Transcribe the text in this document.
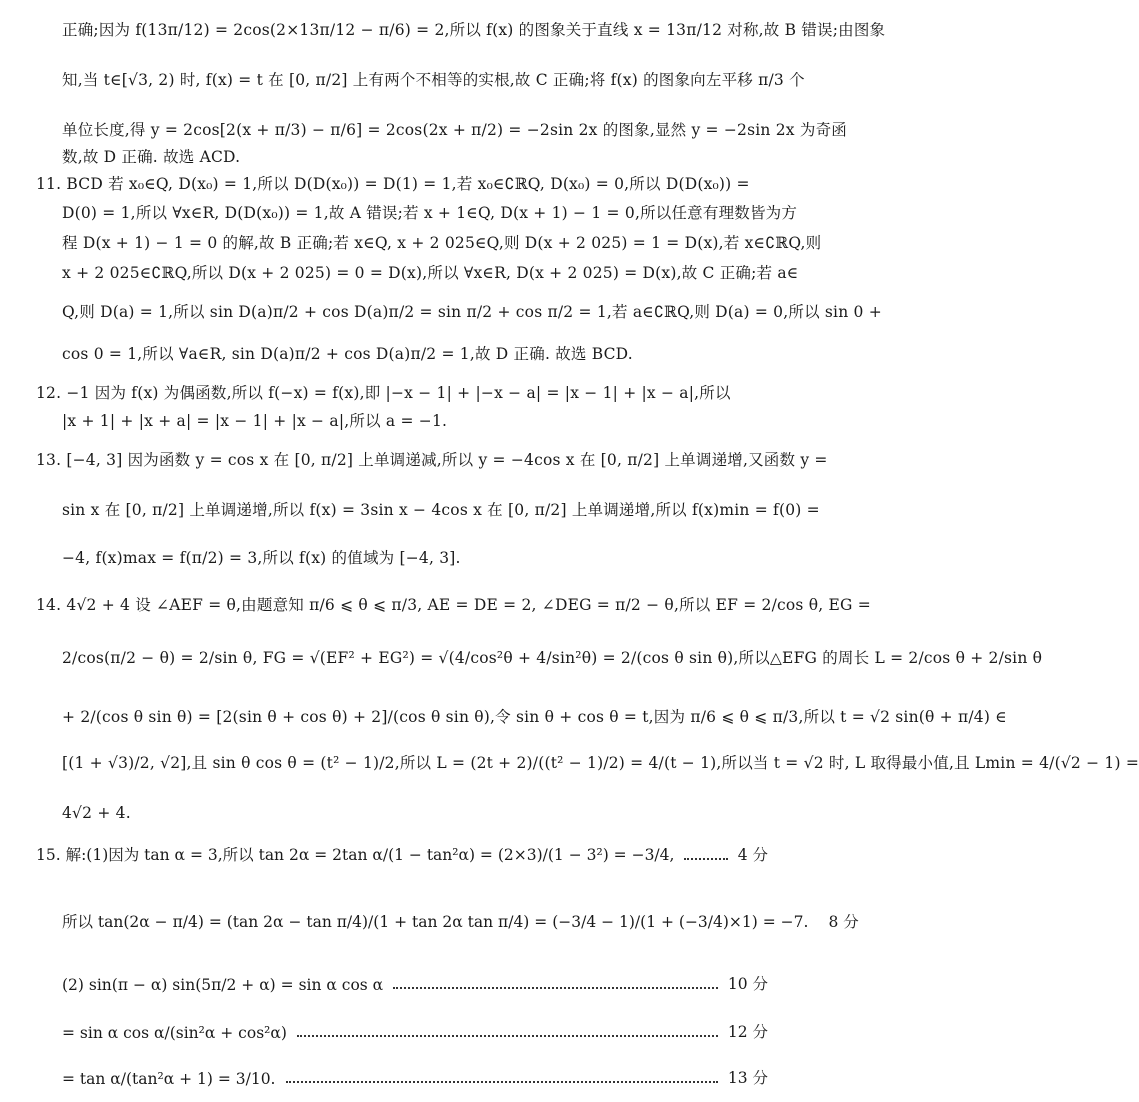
正确;因为 f(13π/12) = 2cos(2×13π/12 − π/6) = 2,所以 f(x) 的图象关于直线 x = 13π/12 对称,故 B 错误;由图象
知,当 t∈[√3, 2) 时, f(x) = t 在 [0, π/2] 上有两个不相等的实根,故 C 正确;将 f(x) 的图象向左平移 π/3 个
单位长度,得 y = 2cos[2(x + π/3) − π/6] = 2cos(2x + π/2) = −2sin 2x 的图象,显然 y = −2sin 2x 为奇函
数,故 D 正确. 故选 ACD.
11. BCD 若 x₀∈Q, D(x₀) = 1,所以 D(D(x₀)) = D(1) = 1,若 x₀∈∁ℝQ, D(x₀) = 0,所以 D(D(x₀)) =
D(0) = 1,所以 ∀x∈R, D(D(x₀)) = 1,故 A 错误;若 x + 1∈Q, D(x + 1) − 1 = 0,所以任意有理数皆为方
程 D(x + 1) − 1 = 0 的解,故 B 正确;若 x∈Q, x + 2 025∈Q,则 D(x + 2 025) = 1 = D(x),若 x∈∁ℝQ,则
x + 2 025∈∁ℝQ,所以 D(x + 2 025) = 0 = D(x),所以 ∀x∈R, D(x + 2 025) = D(x),故 C 正确;若 a∈
Q,则 D(a) = 1,所以 sin D(a)π/2 + cos D(a)π/2 = sin π/2 + cos π/2 = 1,若 a∈∁ℝQ,则 D(a) = 0,所以 sin 0 +
cos 0 = 1,所以 ∀a∈R, sin D(a)π/2 + cos D(a)π/2 = 1,故 D 正确. 故选 BCD.
12. −1 因为 f(x) 为偶函数,所以 f(−x) = f(x),即 |−x − 1| + |−x − a| = |x − 1| + |x − a|,所以
|x + 1| + |x + a| = |x − 1| + |x − a|,所以 a = −1.
13. [−4, 3] 因为函数 y = cos x 在 [0, π/2] 上单调递减,所以 y = −4cos x 在 [0, π/2] 上单调递增,又函数 y =
sin x 在 [0, π/2] 上单调递增,所以 f(x) = 3sin x − 4cos x 在 [0, π/2] 上单调递增,所以 f(x)min = f(0) =
−4, f(x)max = f(π/2) = 3,所以 f(x) 的值域为 [−4, 3].
14. 4√2 + 4 设 ∠AEF = θ,由题意知 π/6 ⩽ θ ⩽ π/3, AE = DE = 2, ∠DEG = π/2 − θ,所以 EF = 2/cos θ, EG =
2/cos(π/2 − θ) = 2/sin θ, FG = √(EF² + EG²) = √(4/cos²θ + 4/sin²θ) = 2/(cos θ sin θ),所以△EFG 的周长 L = 2/cos θ + 2/sin θ
+ 2/(cos θ sin θ) = [2(sin θ + cos θ) + 2]/(cos θ sin θ),令 sin θ + cos θ = t,因为 π/6 ⩽ θ ⩽ π/3,所以 t = √2 sin(θ + π/4) ∈
[(1 + √3)/2, √2],且 sin θ cos θ = (t² − 1)/2,所以 L = (2t + 2)/((t² − 1)/2) = 4/(t − 1),所以当 t = √2 时, L 取得最小值,且 Lmin = 4/(√2 − 1) =
4√2 + 4.
15. 解:(1)因为 tan α = 3,所以 tan 2α = 2tan α/(1 − tan²α) = (2×3)/(1 − 3²) = −3/4,	4 分
所以 tan(2α − π/4) = (tan 2α − tan π/4)/(1 + tan 2α tan π/4) = (−3/4 − 1)/(1 + (−3/4)×1) = −7. 8 分
(2) sin(π − α) sin(5π/2 + α) = sin α cos α	10 分
= sin α cos α/(sin²α + cos²α)	12 分
= tan α/(tan²α + 1) = 3/10.	13 分
